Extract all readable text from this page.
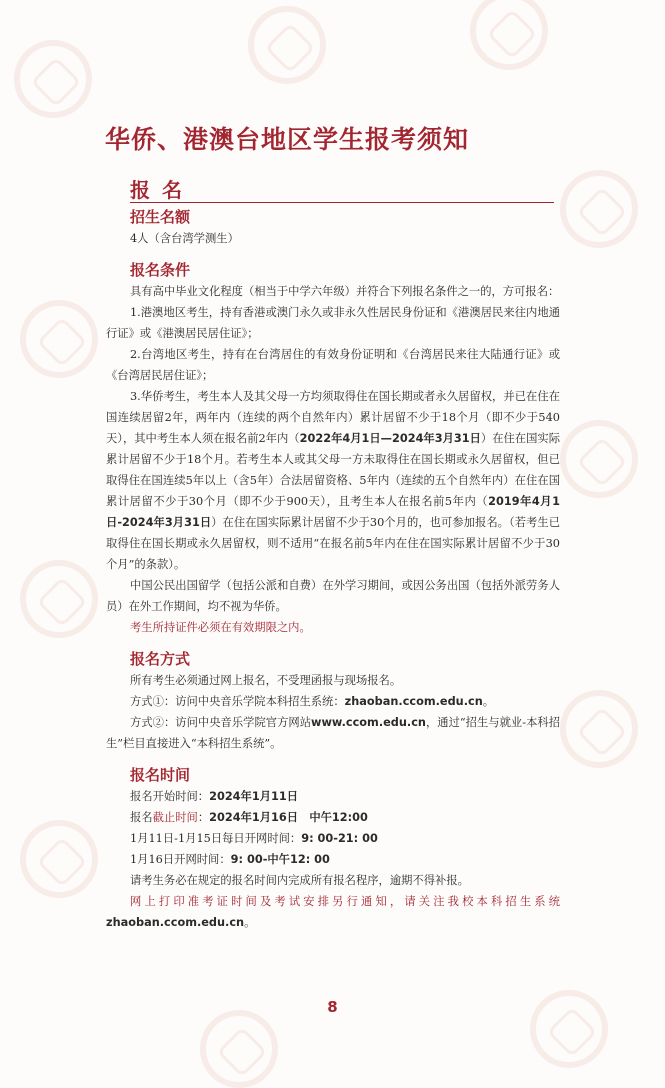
华侨、港澳台地区学生报考须知
报名
招生名额

4人（含台湾学测生）

报名条件

具有高中毕业文化程度（相当于中学六年级）并符合下列报名条件之一的，方可报名：

1.港澳地区考生，持有香港或澳门永久或非永久性居民身份证和《港澳居民来往内地通行证》或《港澳居民居住证》；

2.台湾地区考生，持有在台湾居住的有效身份证明和《台湾居民来往大陆通行证》或《台湾居民居住证》；

3.华侨考生，考生本人及其父母一方均须取得住在国长期或者永久居留权，并已在住在国连续居留2年，两年内（连续的两个自然年内）累计居留不少于18个月（即不少于540天），其中考生本人须在报名前2年内（2022年4月1日—2024年3月31日）在住在国实际累计居留不少于18个月。若考生本人或其父母一方未取得住在国长期或永久居留权，但已取得住在国连续5年以上（含5年）合法居留资格、5年内（连续的五个自然年内）在住在国累计居留不少于30个月（即不少于900天），且考生本人在报名前5年内（2019年4月1日-2024年3月31日）在住在国实际累计居留不少于30个月的，也可参加报名。（若考生已取得住在国长期或永久居留权，则不适用“在报名前5年内在住在国实际累计居留不少于30个月”的条款）。

中国公民出国留学（包括公派和自费）在外学习期间，或因公务出国（包括外派劳务人员）在外工作期间，均不视为华侨。

考生所持证件必须在有效期限之内。

报名方式

所有考生必须通过网上报名，不受理函报与现场报名。

方式①：访问中央音乐学院本科招生系统：zhaoban.ccom.edu.cn。

方式②：访问中央音乐学院官方网站www.ccom.edu.cn，通过“招生与就业-本科招生”栏目直接进入“本科招生系统”。

报名时间

报名开始时间：2024年1月11日

报名截止时间：2024年1月16日　中午12:00

1月11日-1月15日每日开网时间：9: 00-21: 00

1月16日开网时间：9: 00-中午12: 00

请考生务必在规定的报名时间内完成所有报名程序，逾期不得补报。

网上打印准考证时间及考试安排另行通知，请关注我校本科招生系统zhaoban.ccom.edu.cn。

8
